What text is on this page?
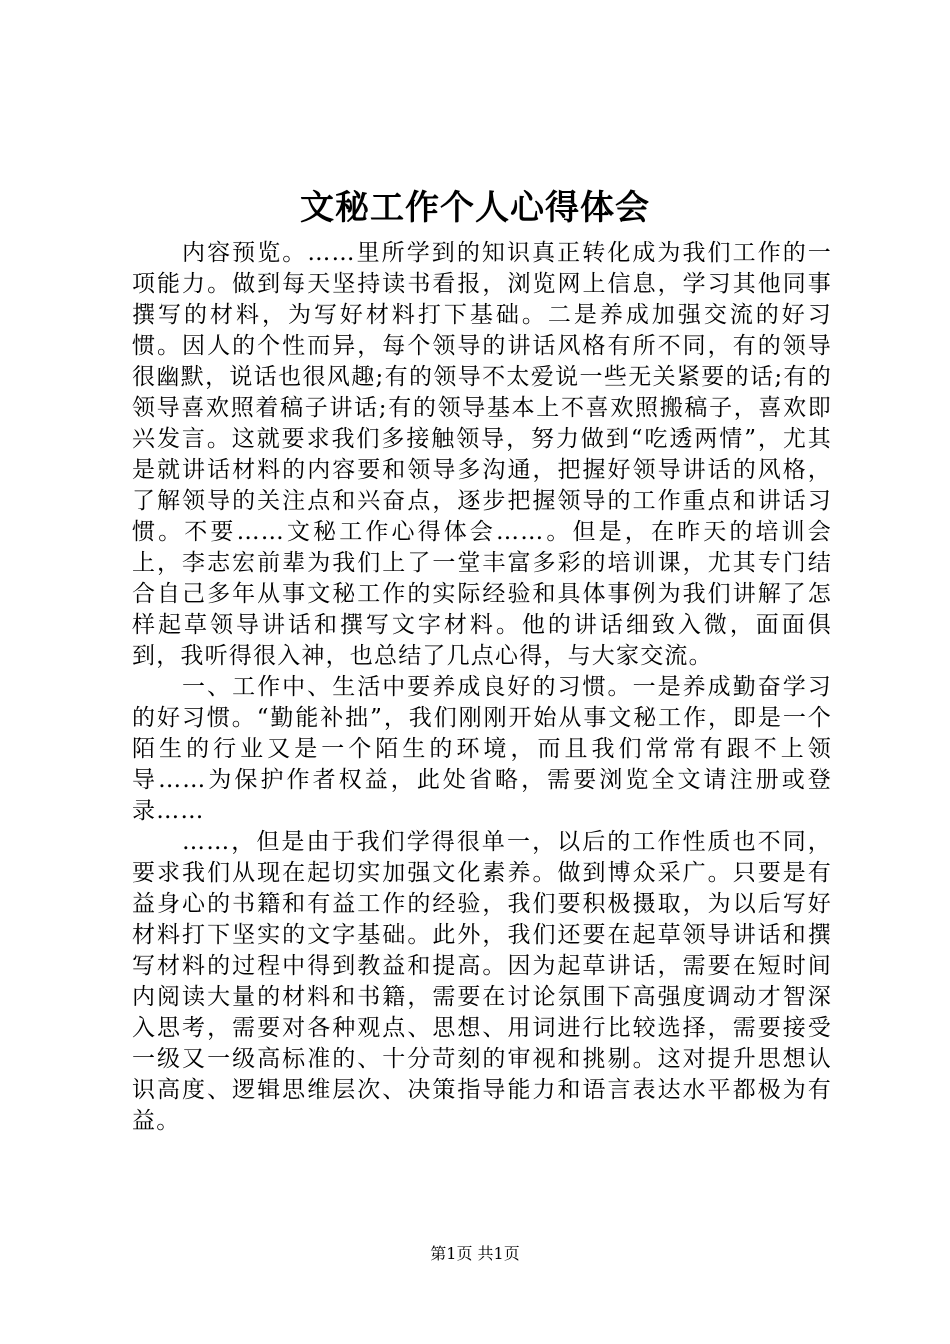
文秘工作个人心得体会

内容预览。……里所学到的知识真正转化成为我们工作的一项能力。做到每天坚持读书看报，浏览网上信息，学习其他同事撰写的材料，为写好材料打下基础。二是养成加强交流的好习惯。因人的个性而异，每个领导的讲话风格有所不同，有的领导很幽默，说话也很风趣;有的领导不太爱说一些无关紧要的话;有的领导喜欢照着稿子讲话;有的领导基本上不喜欢照搬稿子，喜欢即兴发言。这就要求我们多接触领导，努力做到“吃透两情”，尤其是就讲话材料的内容要和领导多沟通，把握好领导讲话的风格，了解领导的关注点和兴奋点，逐步把握领导的工作重点和讲话习惯。不要……文秘工作心得体会……。但是，在昨天的培训会上，李志宏前辈为我们上了一堂丰富多彩的培训课，尤其专门结合自己多年从事文秘工作的实际经验和具体事例为我们讲解了怎样起草领导讲话和撰写文字材料。他的讲话细致入微，面面俱到，我听得很入神，也总结了几点心得，与大家交流。

一、工作中、生活中要养成良好的习惯。一是养成勤奋学习的好习惯。“勤能补拙”，我们刚刚开始从事文秘工作，即是一个陌生的行业又是一个陌生的环境，而且我们常常有跟不上领导……为保护作者权益，此处省略，需要浏览全文请注册或登录……

……，但是由于我们学得很单一，以后的工作性质也不同，要求我们从现在起切实加强文化素养。做到博众采广。只要是有益身心的书籍和有益工作的经验，我们要积极摄取，为以后写好材料打下坚实的文字基础。此外，我们还要在起草领导讲话和撰写材料的过程中得到教益和提高。因为起草讲话，需要在短时间内阅读大量的材料和书籍，需要在讨论氛围下高强度调动才智深入思考，需要对各种观点、思想、用词进行比较选择，需要接受一级又一级高标准的、十分苛刻的审视和挑剔。这对提升思想认识高度、逻辑思维层次、决策指导能力和语言表达水平都极为有益。

第1页 共1页
